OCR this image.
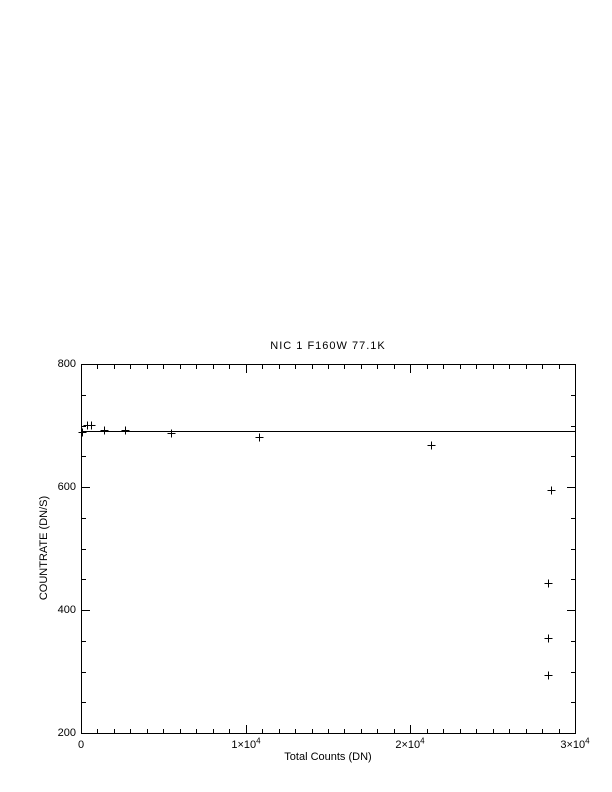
NIC 1 F160W 77.1K
Total Counts (DN)
COUNTRATE (DN/S)
200
400
600
800
0	$1\times 10^4$	$2\times 10^4$	$3\times 10^4$
